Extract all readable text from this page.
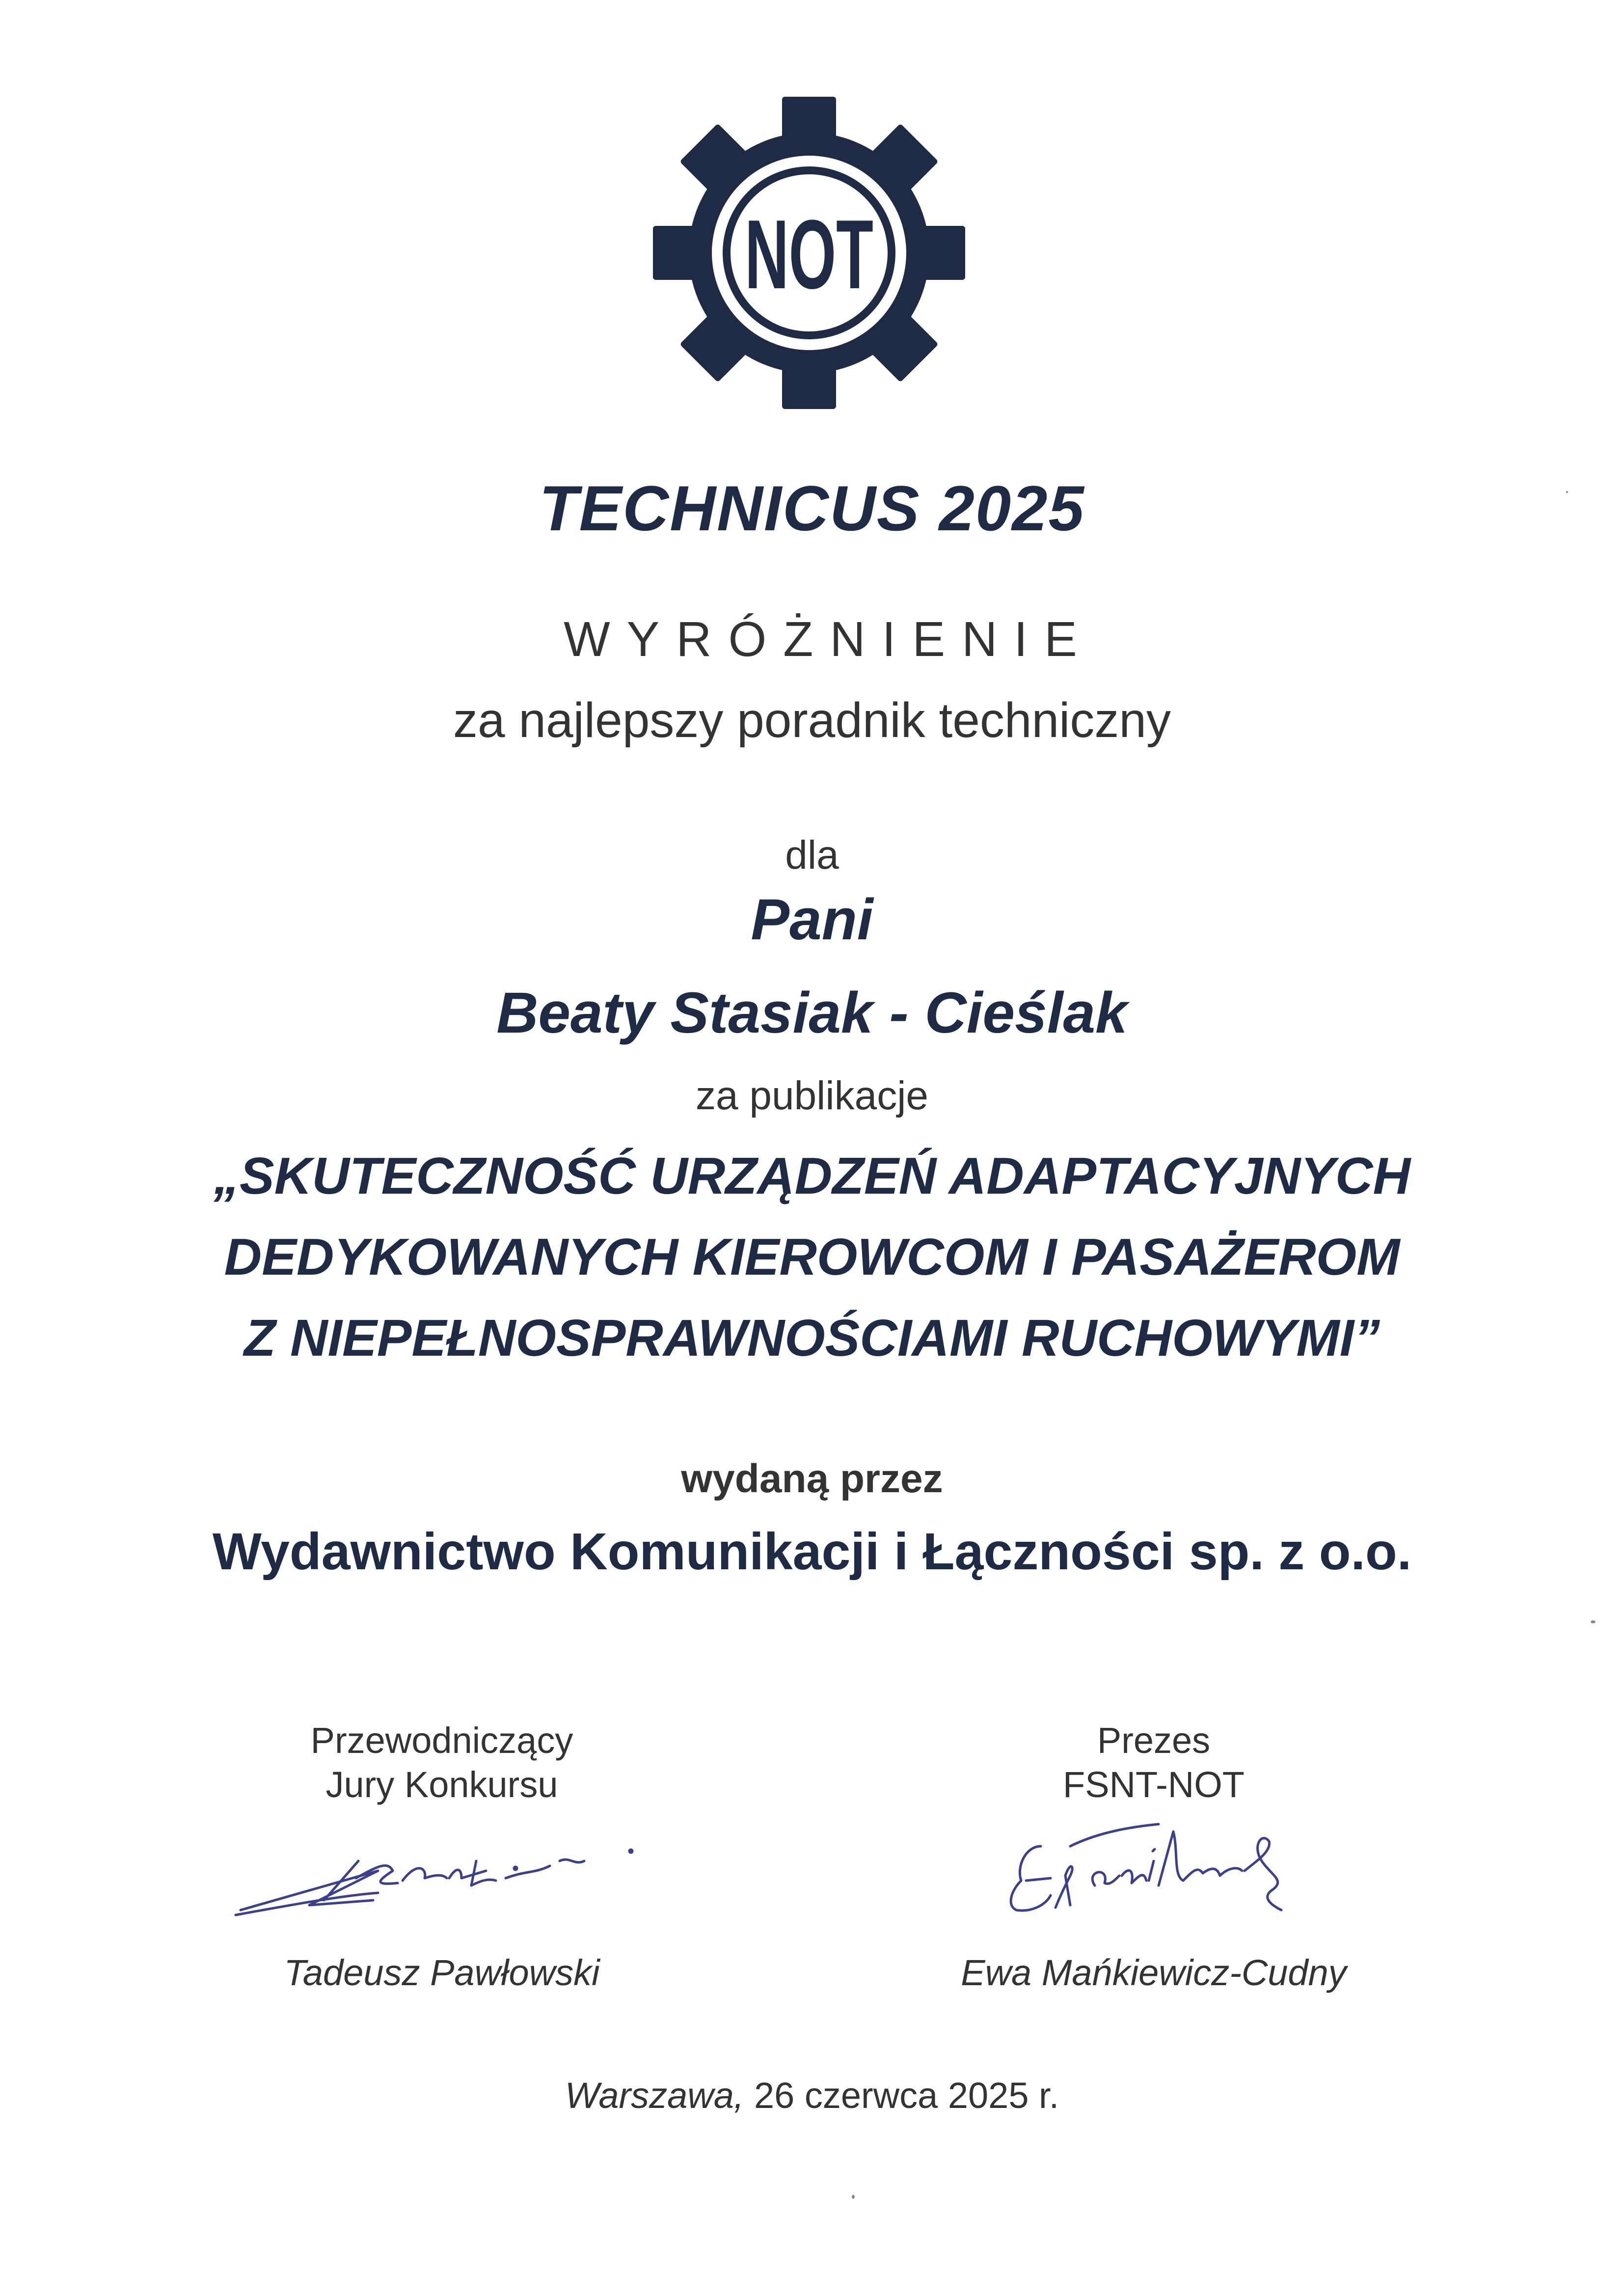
NOT
TECHNICUS 2025
WYRÓŻNIENIE
za najlepszy poradnik techniczny
dla
Pani
Beaty Stasiak - Cieślak
za publikacje
„SKUTECZNOŚĆ URZĄDZEŃ ADAPTACYJNYCH
DEDYKOWANYCH KIEROWCOM I PASAŻEROM
Z NIEPEŁNOSPRAWNOŚCIAMI RUCHOWYMI”
wydaną przez
Wydawnictwo Komunikacji i Łączności sp. z o.o.
Przewodniczący
Jury Konkursu
Tadeusz Pawłowski
Prezes
FSNT-NOT
Ewa Mańkiewicz-Cudny
Warszawa, 26 czerwca 2025 r.
